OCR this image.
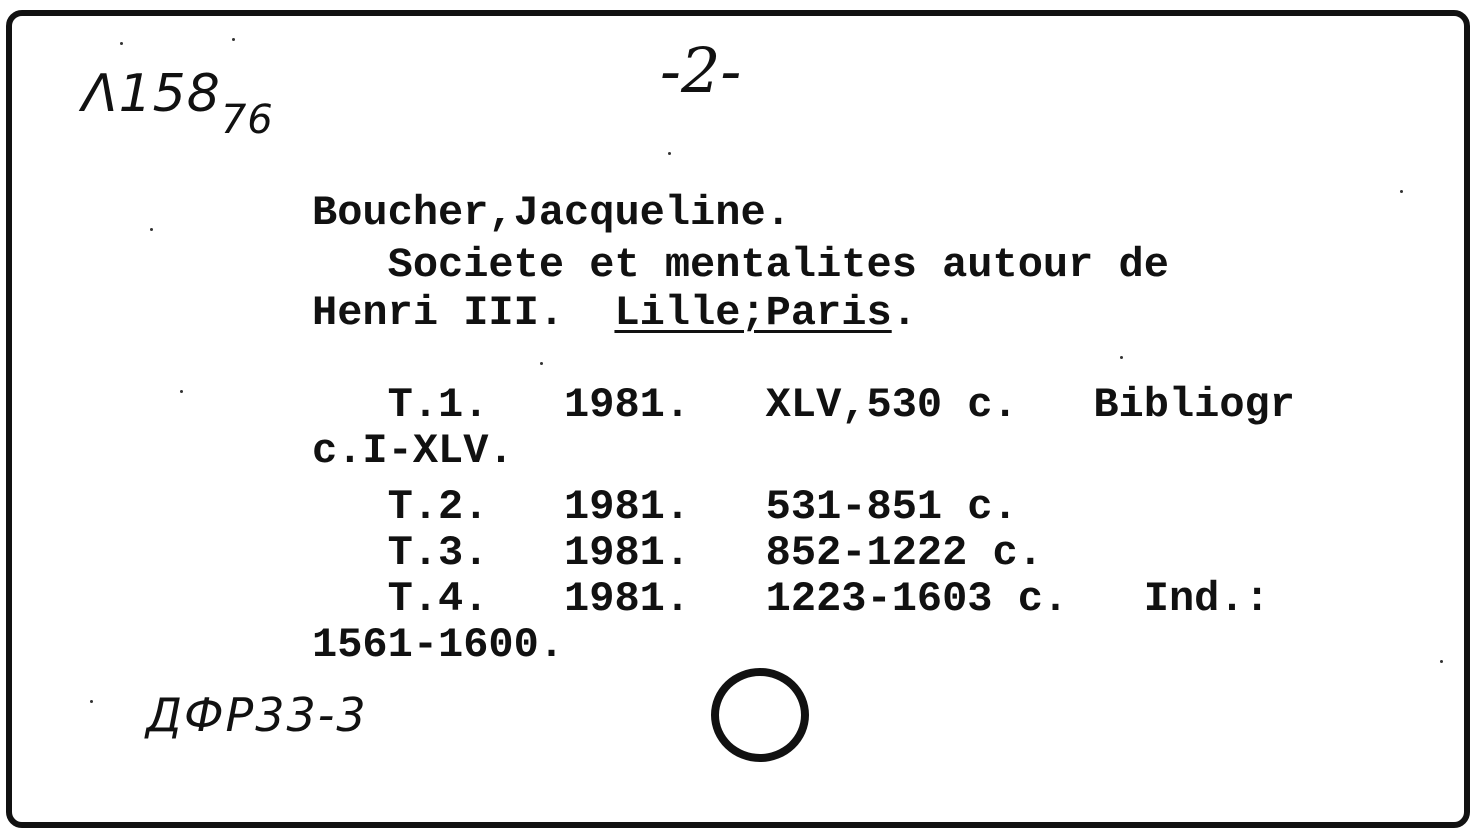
$\Lambda 158_{76}$
-2-
Boucher,Jacqueline.
Societe et mentalites autour de
Henri III.  Lille;Paris.
T.1.   1981.   XLV,530 c.   Bibliogr
c.I-XLV.
T.2.   1981.   531-851 c.
T.3.   1981.   852-1222 c.
T.4.   1981.   1223-1603 c.   Ind.:
1561-1600.
ДФР33-3
